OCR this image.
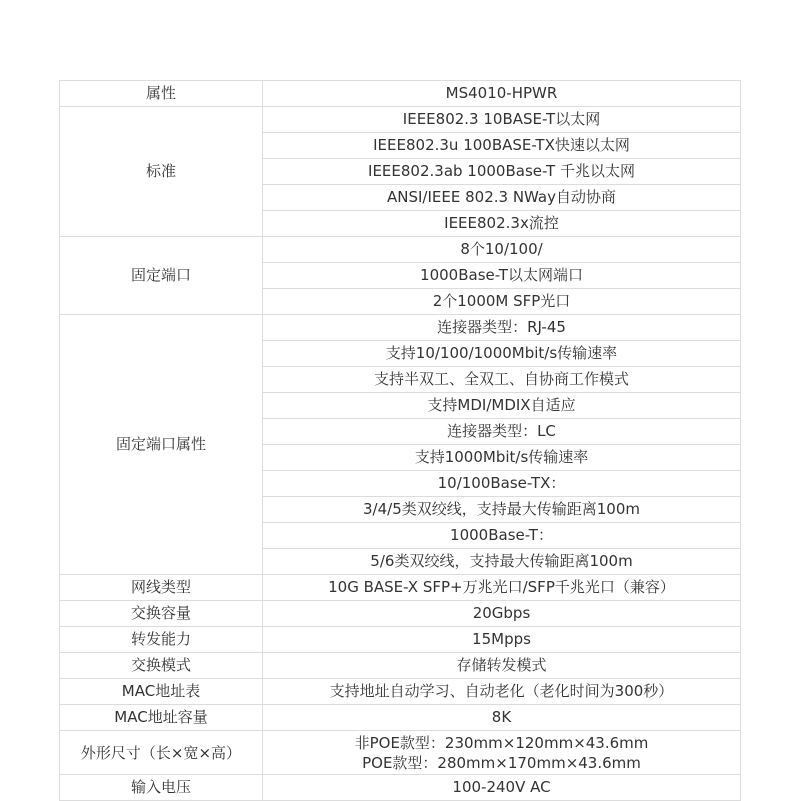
属性	MS4010-HPWR
标准	IEEE802.3 10BASE-T以太网
	IEEE802.3u 100BASE-TX快速以太网
	IEEE802.3ab 1000Base-T 千兆以太网
	ANSI/IEEE 802.3 NWay自动协商
	IEEE802.3x流控
固定端口	8个10/100/
	1000Base-T以太网端口
	2个1000M SFP光口
固定端口属性	连接器类型：RJ-45
	支持10/100/1000Mbit/s传输速率
	支持半双工、全双工、自协商工作模式
	支持MDI/MDIX自适应
	连接器类型：LC
	支持1000Mbit/s传输速率
	10/100Base-TX：
	3/4/5类双绞线，支持最大传输距离100m
	1000Base-T：
	5/6类双绞线，支持最大传输距离100m
网线类型	10G BASE-X SFP+万兆光口/SFP千兆光口（兼容）
交换容量	20Gbps
转发能力	15Mpps
交换模式	存储转发模式
MAC地址表	支持地址自动学习、自动老化（老化时间为300秒）
MAC地址容量	8K
外形尺寸（长×宽×高）	非POE款型：230mm×120mm×43.6mm
POE款型：280mm×170mm×43.6mm

输入电压	100-240V AC
